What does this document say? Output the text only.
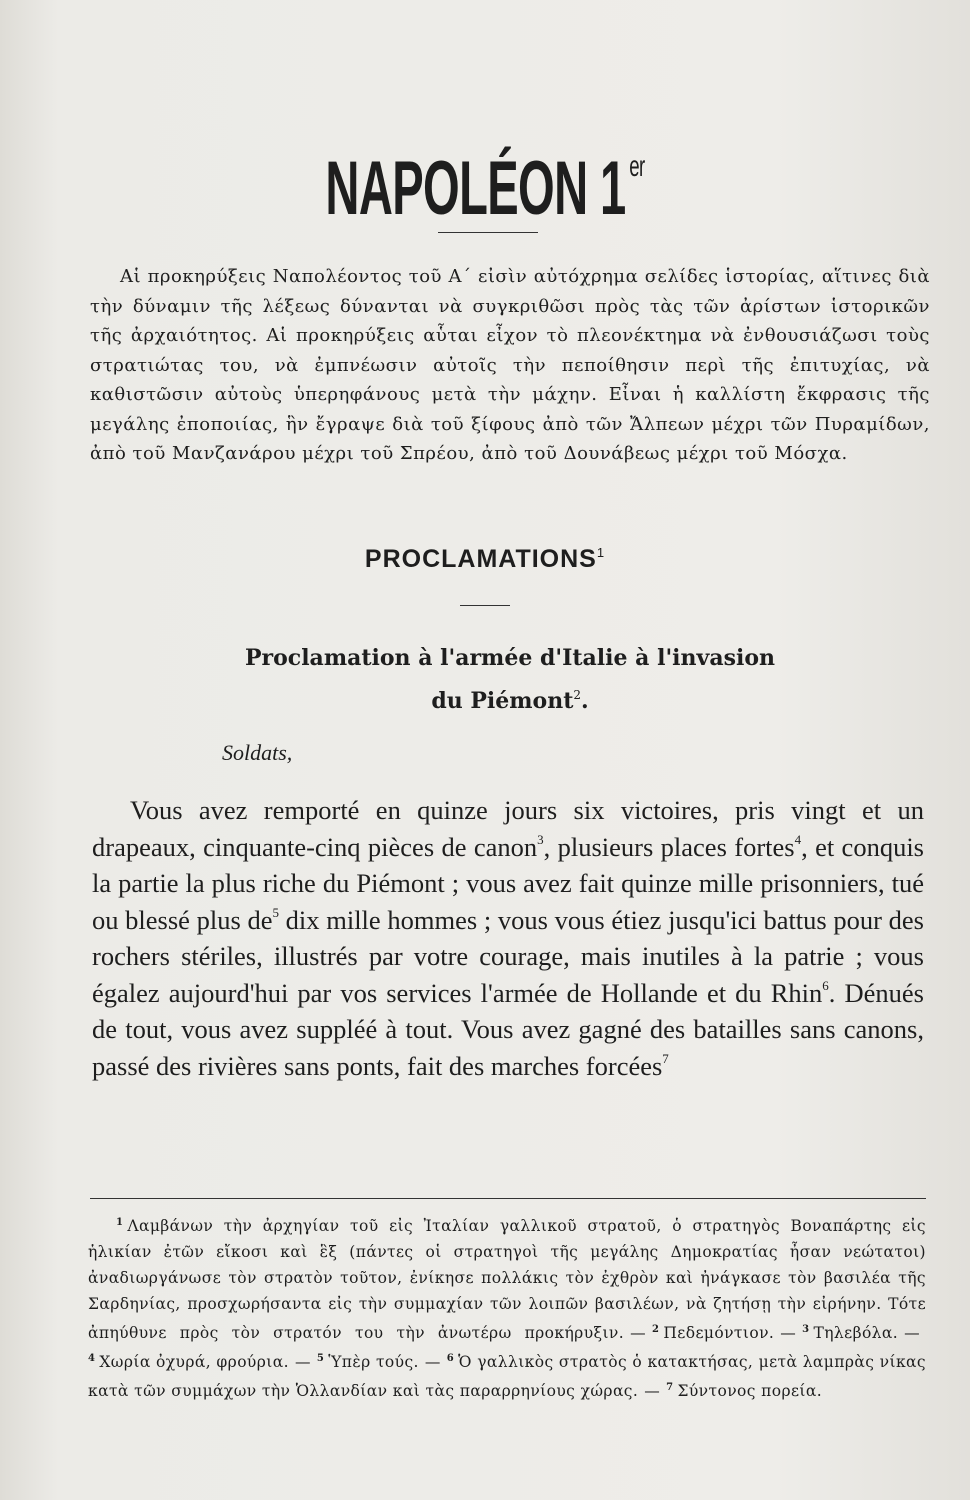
NAPOLÉON 1 $^{er}$

Αἱ προκηρύξεις Ναπολέοντος τοῦ Α΄ εἰσὶν αὐτόχρημα σελίδες ἱστορίας, αἵτινες διὰ τὴν δύναμιν τῆς λέξεως δύνανται νὰ συγκριθῶσι πρὸς τὰς τῶν ἀρίστων ἱστορικῶν τῆς ἀρχαιότητος. Αἱ προκηρύξεις αὗται εἶχον τὸ πλεονέκτημα νὰ ἐνθουσιάζωσι τοὺς στρατιώτας του, νὰ ἐμπνέωσιν αὐτοῖς τὴν πεποίθησιν περὶ τῆς ἐπιτυχίας, νὰ καθιστῶσιν αὐτοὺς ὑπερηφάνους μετὰ τὴν μάχην. Εἶναι ἡ καλλίστη ἔκφρασις τῆς μεγάλης ἐποποιίας, ἣν ἔγραψε διὰ τοῦ ξίφους ἀπὸ τῶν Ἄλπεων μέχρι τῶν Πυραμίδων, ἀπὸ τοῦ Μανζανάρου μέχρι τοῦ Σπρέου, ἀπὸ τοῦ Δουνάβεως μέχρι τοῦ Μόσχα.

PROCLAMATIONS$^1$
Proclamation à l'armée d'Italie à l'invasion
du Piémont$^2$.
Soldats,

Vous avez remporté en quinze jours six victoires, pris vingt et un drapeaux, cinquante-cinq pièces de canon$^3$, plusieurs places fortes$^4$, et conquis la partie la plus riche du Piémont ; vous avez fait quinze mille prisonniers, tué ou blessé plus $de^5$ dix mille hommes ; vous vous étiez jusqu'ici battus pour des rochers stériles, illustrés par votre courage, mais inutiles à la patrie ; vous égalez aujourd'hui par vos services l'armée de Hollande et du Rhin$^6$. Dénués de tout, vous avez suppléé à tout. Vous avez gagné des batailles sans canons, passé des rivières sans ponts, fait des marches forcées$^7$

$^1$ Λαμβάνων τὴν ἀρχηγίαν τοῦ εἰς Ἰταλίαν γαλλικοῦ στρατοῦ, ὁ στρατηγὸς Βοναπάρτης εἰς ἡλικίαν ἐτῶν εἴκοσι καὶ ἓξ (πάντες οἱ στρατηγοὶ τῆς μεγάλης Δημοκρατίας ἦσαν νεώτατοι) ἀναδιωργάνωσε τὸν στρατὸν τοῦτον, ἐνίκησε πολλάκις τὸν ἐχθρὸν καὶ ἠνάγκασε τὸν βασιλέα τῆς Σαρδηνίας, προσχωρήσαντα εἰς τὴν συμμαχίαν τῶν λοιπῶν βασιλέων, νὰ ζητήσῃ τὴν εἰρήνην. Τότε ἀπηύθυνε πρὸς τὸν στρατόν του τὴν ἀνωτέρω προκήρυξιν. — $^2$ Πεδεμόντιον. — $^3$ Τηλεβόλα. —$^4$ Χωρία ὀχυρά, φρούρια. — $^5$ Ὑπὲρ τούς. — $^6$ Ὁ γαλλικὸς στρατὸς ὁ κατακτήσας, μετὰ λαμπρὰς νίκας κατὰ τῶν συμμάχων τὴν Ὁλλανδίαν καὶ τὰς παραρρηνίους χώρας. — $^7$ Σύντονος πορεία.
